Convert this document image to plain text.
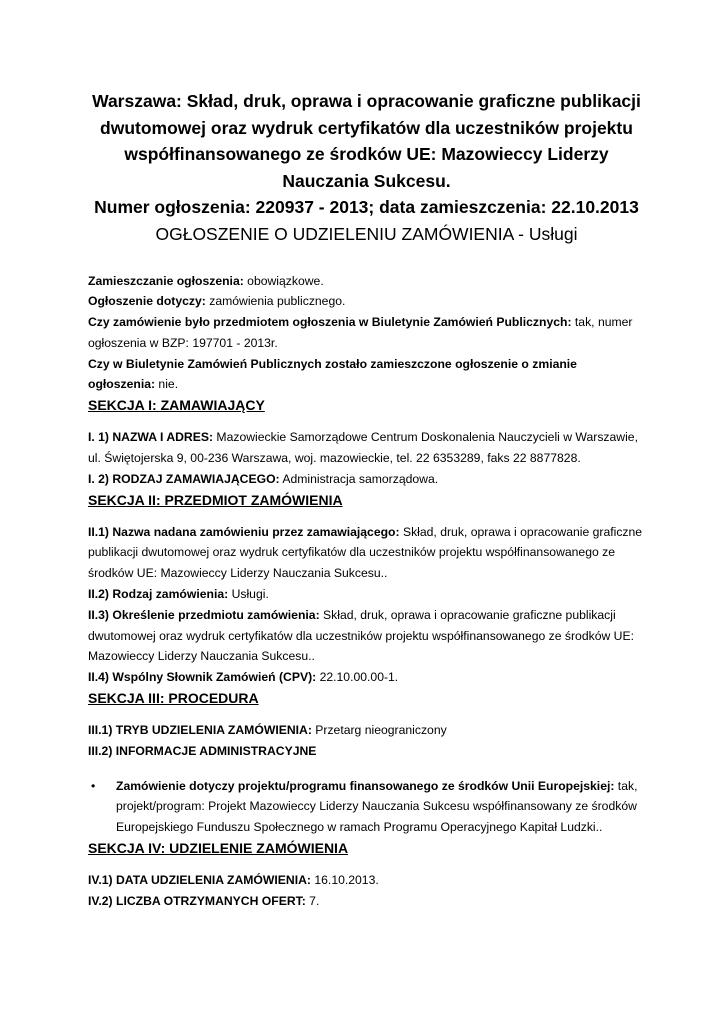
Warszawa: Skład, druk, oprawa i opracowanie graficzne publikacji
dwutomowej oraz wydruk certyfikatów dla uczestników projektu
współfinansowanego ze środków UE: Mazowieccy Liderzy
Nauczania Sukcesu.
Numer ogłoszenia: 220937 - 2013; data zamieszczenia: 22.10.2013

OGŁOSZENIE O UDZIELENIU ZAMÓWIENIA - Usługi

Zamieszczanie ogłoszenia: obowiązkowe.

Ogłoszenie dotyczy: zamówienia publicznego.

Czy zamówienie było przedmiotem ogłoszenia w Biuletynie Zamówień Publicznych: tak, numer ogłoszenia w BZP: 197701 - 2013r.

Czy w Biuletynie Zamówień Publicznych zostało zamieszczone ogłoszenie o zmianie ogłoszenia: nie.

SEKCJA I: ZAMAWIAJĄCY

I. 1) NAZWA I ADRES: Mazowieckie Samorządowe Centrum Doskonalenia Nauczycieli w Warszawie, ul. Świętojerska 9, 00-236 Warszawa, woj. mazowieckie, tel. 22 6353289, faks 22 8877828.

I. 2) RODZAJ ZAMAWIAJĄCEGO: Administracja samorządowa.

SEKCJA II: PRZEDMIOT ZAMÓWIENIA

II.1) Nazwa nadana zamówieniu przez zamawiającego: Skład, druk, oprawa i opracowanie graficzne publikacji dwutomowej oraz wydruk certyfikatów dla uczestników projektu współfinansowanego ze środków UE: Mazowieccy Liderzy Nauczania Sukcesu..

II.2) Rodzaj zamówienia: Usługi.

II.3) Określenie przedmiotu zamówienia: Skład, druk, oprawa i opracowanie graficzne publikacji dwutomowej oraz wydruk certyfikatów dla uczestników projektu współfinansowanego ze środków UE: Mazowieccy Liderzy Nauczania Sukcesu..

II.4) Wspólny Słownik Zamówień (CPV): 22.10.00.00-1.

SEKCJA III: PROCEDURA

III.1) TRYB UDZIELENIA ZAMÓWIENIA: Przetarg nieograniczony

III.2) INFORMACJE ADMINISTRACYJNE

• Zamówienie dotyczy projektu/programu finansowanego ze środków Unii Europejskiej: tak, projekt/program: Projekt Mazowieccy Liderzy Nauczania Sukcesu współfinansowany ze środków Europejskiego Funduszu Społecznego w ramach Programu Operacyjnego Kapitał Ludzki..
SEKCJA IV: UDZIELENIE ZAMÓWIENIA

IV.1) DATA UDZIELENIA ZAMÓWIENIA: 16.10.2013.

IV.2) LICZBA OTRZYMANYCH OFERT: 7.
